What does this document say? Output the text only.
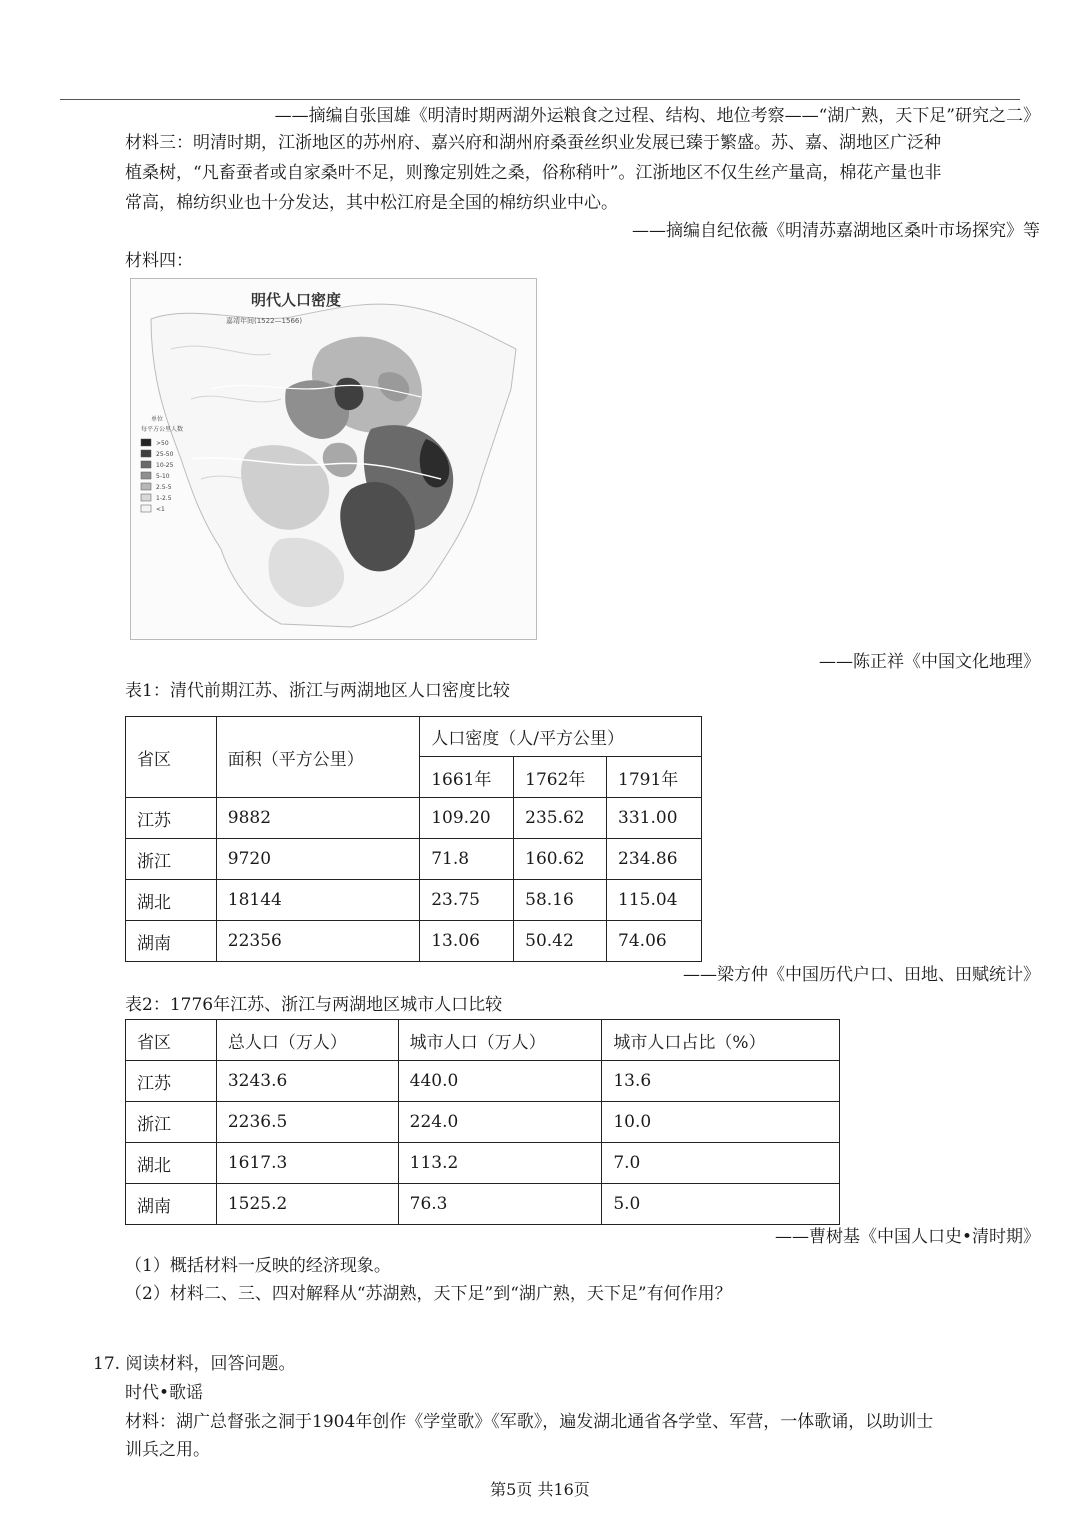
——摘编自张国雄《明清时期两湖外运粮食之过程、结构、地位考察——“湖广熟，天下足”研究之二》
材料三：明清时期，江浙地区的苏州府、嘉兴府和湖州府桑蚕丝织业发展已臻于繁盛。苏、嘉、湖地区广泛种
植桑树，“凡畜蚕者或自家桑叶不足，则豫定别姓之桑，俗称稍叶”。江浙地区不仅生丝产量高，棉花产量也非
常高，棉纺织业也十分发达，其中松江府是全国的棉纺织业中心。
——摘编自纪依薇《明清苏嘉湖地区桑叶市场探究》等
材料四：
明代人口密度
嘉靖年间(1522—1566)
单位
每平方公里人数
>50
25-50
10-25
5-10
2.5-5
1-2.5
<1
——陈正祥《中国文化地理》
表1：清代前期江苏、浙江与两湖地区人口密度比较
省区	面积（平方公里）	人口密度（人/平方公里）		
		1661年	1762年	1791年
江苏	9882	109.20	235.62	331.00
浙江	9720	71.8	160.62	234.86
湖北	18144	23.75	58.16	115.04
湖南	22356	13.06	50.42	74.06
——梁方仲《中国历代户口、田地、田赋统计》
表2：1776年江苏、浙江与两湖地区城市人口比较
省区	总人口（万人）	城市人口（万人）	城市人口占比（%）
江苏	3243.6	440.0	13.6
浙江	2236.5	224.0	10.0
湖北	1617.3	113.2	7.0
湖南	1525.2	76.3	5.0
——曹树基《中国人口史•清时期》
（1）概括材料一反映的经济现象。
（2）材料二、三、四对解释从“苏湖熟，天下足”到“湖广熟，天下足”有何作用？
17. 阅读材料，回答问题。
时代•歌谣
材料：湖广总督张之洞于1904年创作《学堂歌》《军歌》，遍发湖北通省各学堂、军营，一体歌诵，以助训士
训兵之用。
第5页 共16页
